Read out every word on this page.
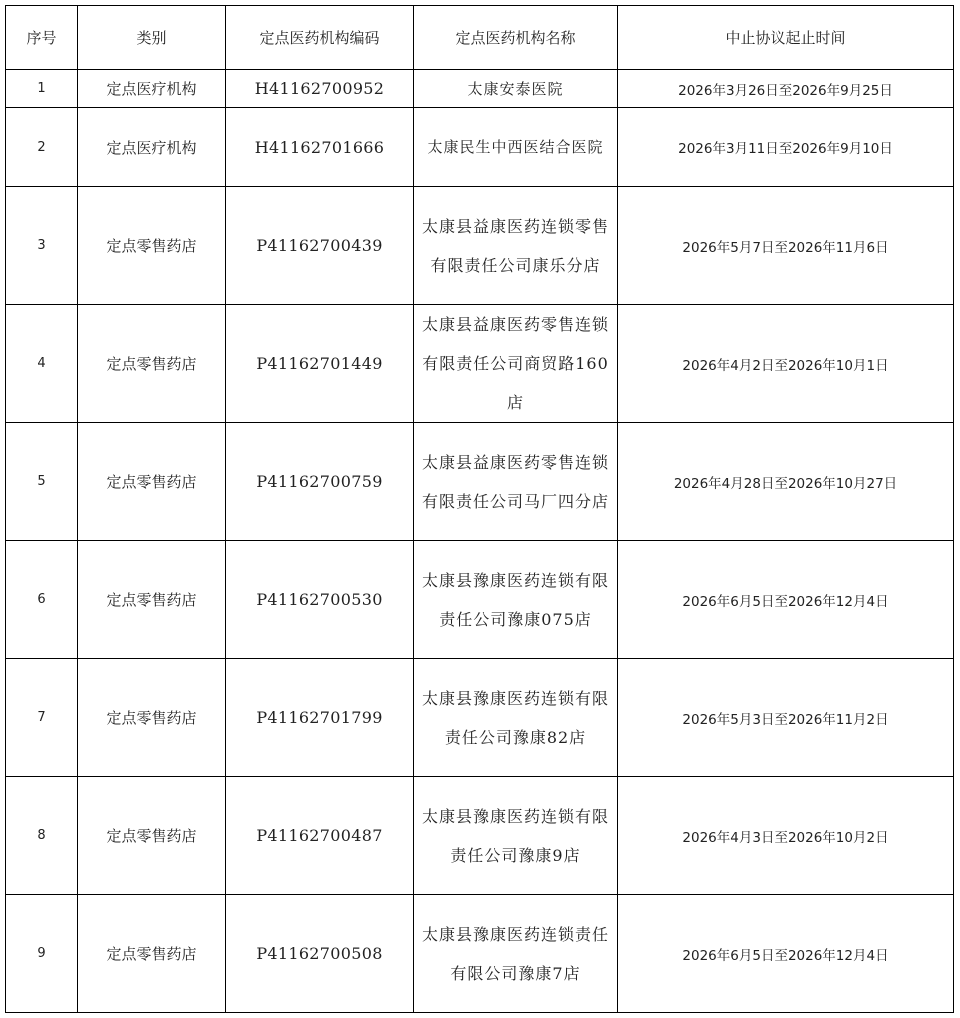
序号	类别	定点医药机构编码	定点医药机构名称	中止协议起止时间
1	定点医疗机构	H41162700952	太康安泰医院	2026年3月26日至2026年9月25日
2	定点医疗机构	H41162701666	太康民生中西医结合医院	2026年3月11日至2026年9月10日
3	定点零售药店	P41162700439	太康县益康医药连锁零售有限责任公司康乐分店	2026年5月7日至2026年11月6日
4	定点零售药店	P41162701449	太康县益康医药零售连锁有限责任公司商贸路160店	2026年4月2日至2026年10月1日
5	定点零售药店	P41162700759	太康县益康医药零售连锁有限责任公司马厂四分店	2026年4月28日至2026年10月27日
6	定点零售药店	P41162700530	太康县豫康医药连锁有限责任公司豫康075店	2026年6月5日至2026年12月4日
7	定点零售药店	P41162701799	太康县豫康医药连锁有限责任公司豫康82店	2026年5月3日至2026年11月2日
8	定点零售药店	P41162700487	太康县豫康医药连锁有限责任公司豫康9店	2026年4月3日至2026年10月2日
9	定点零售药店	P41162700508	太康县豫康医药连锁责任有限公司豫康7店	2026年6月5日至2026年12月4日
